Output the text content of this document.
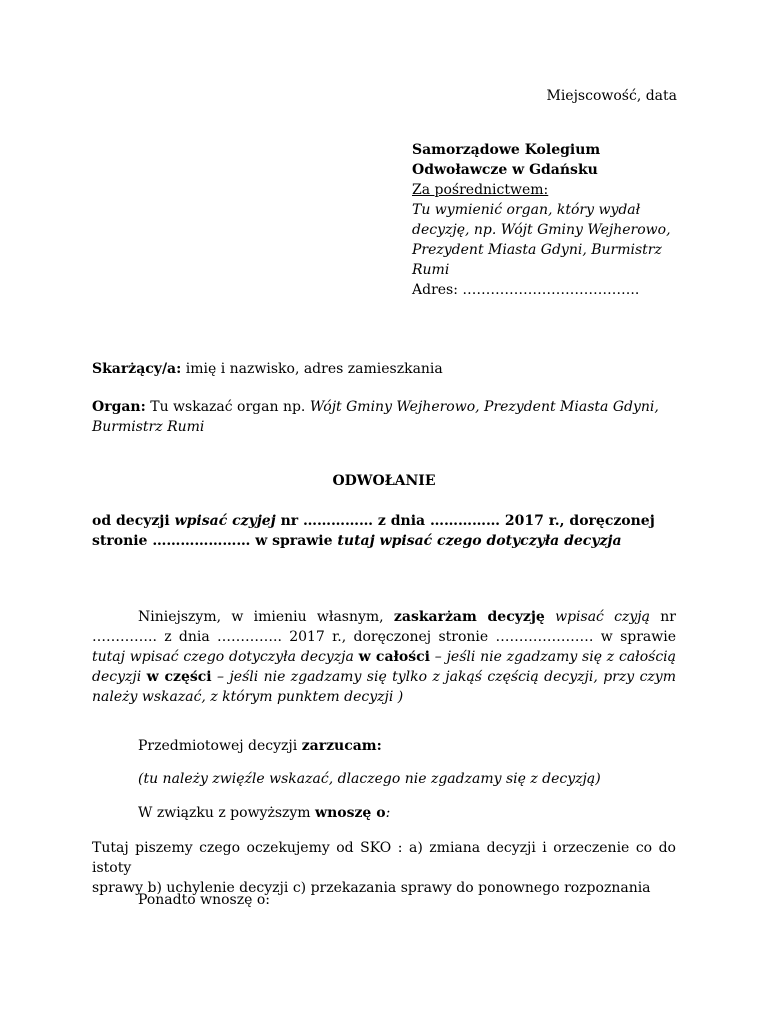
Miejscowość, data
Samorządowe Kolegium
Odwoławcze w Gdańsku
Za pośrednictwem:
Tu wymienić organ, który wydał
decyzję, np. Wójt Gminy Wejherowo,
Prezydent Miasta Gdyni, Burmistrz
Rumi
Adres: ………………………………..
Skarżący/a: imię i nazwisko, adres zamieszkania
Organ: Tu wskazać organ np. Wójt Gminy Wejherowo, Prezydent Miasta Gdyni,
Burmistrz Rumi
ODWOŁANIE
od decyzji wpisać czyjej nr …………… z dnia …………… 2017 r., doręczonej
stronie ………………… w sprawie tutaj wpisać czego dotyczyła decyzja
Niniejszym, w imieniu własnym, zaskarżam decyzję wpisać czyją nr
………….. z dnia ………….. 2017 r., doręczonej stronie ………………… w sprawie
tutaj wpisać czego dotyczyła decyzja w całości – jeśli nie zgadzamy się z całością
decyzji w części – jeśli nie zgadzamy się tylko z jakąś częścią decyzji, przy czym
należy wskazać, z którym punktem decyzji )
Przedmiotowej decyzji zarzucam:
(tu należy zwięźle wskazać, dlaczego nie zgadzamy się z decyzją)
W związku z powyższym wnoszę o:
Tutaj piszemy czego oczekujemy od SKO : a) zmiana decyzji i orzeczenie co do istoty
sprawy b) uchylenie decyzji c) przekazania sprawy do ponownego rozpoznania
Ponadto wnoszę o:
